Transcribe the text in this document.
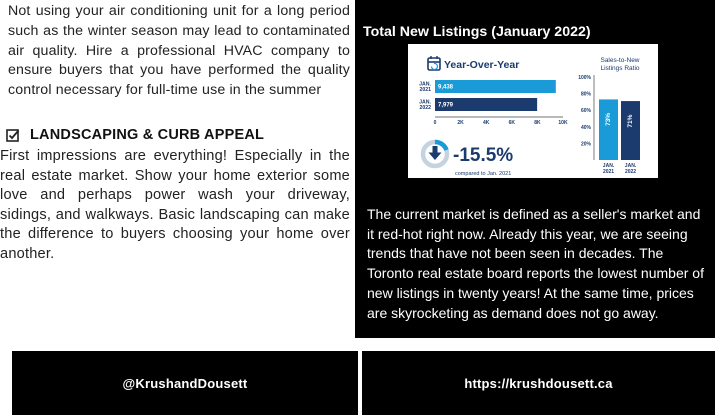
Not using your air conditioning unit for a long period such as the winter season may lead to contaminated air quality. Hire a professional HVAC company to ensure buyers that you have performed the quality control necessary for full-time use in the summer

LANDSCAPING & CURB APPEAL

First impressions are everything! Especially in the real estate market. Show your home exterior some love and perhaps power wash your driveway, sidings, and walkways. Basic landscaping can make the difference to buyers choosing your home over another.

Total New Listings (January 2022)
Year-Over-Year	Sales-to-New
Listings Ratio
JAN.
2021 9,438
JAN.
2022 7,979
0	2K	4K	6K	8K	10K
20%
40%
60%
80%
100%
73%
JAN.
2021
71%
JAN.
2022
-15.5%
compared to Jan. 2021

The current market is defined as a seller's market and it red-hot right now. Already this year, we are seeing trends that have not been seen in decades. The Toronto real estate board reports the lowest number of new listings in twenty years! At the same time, prices are skyrocketing as demand does not go away.

@KrushandDousett	https://krushdousett.ca
